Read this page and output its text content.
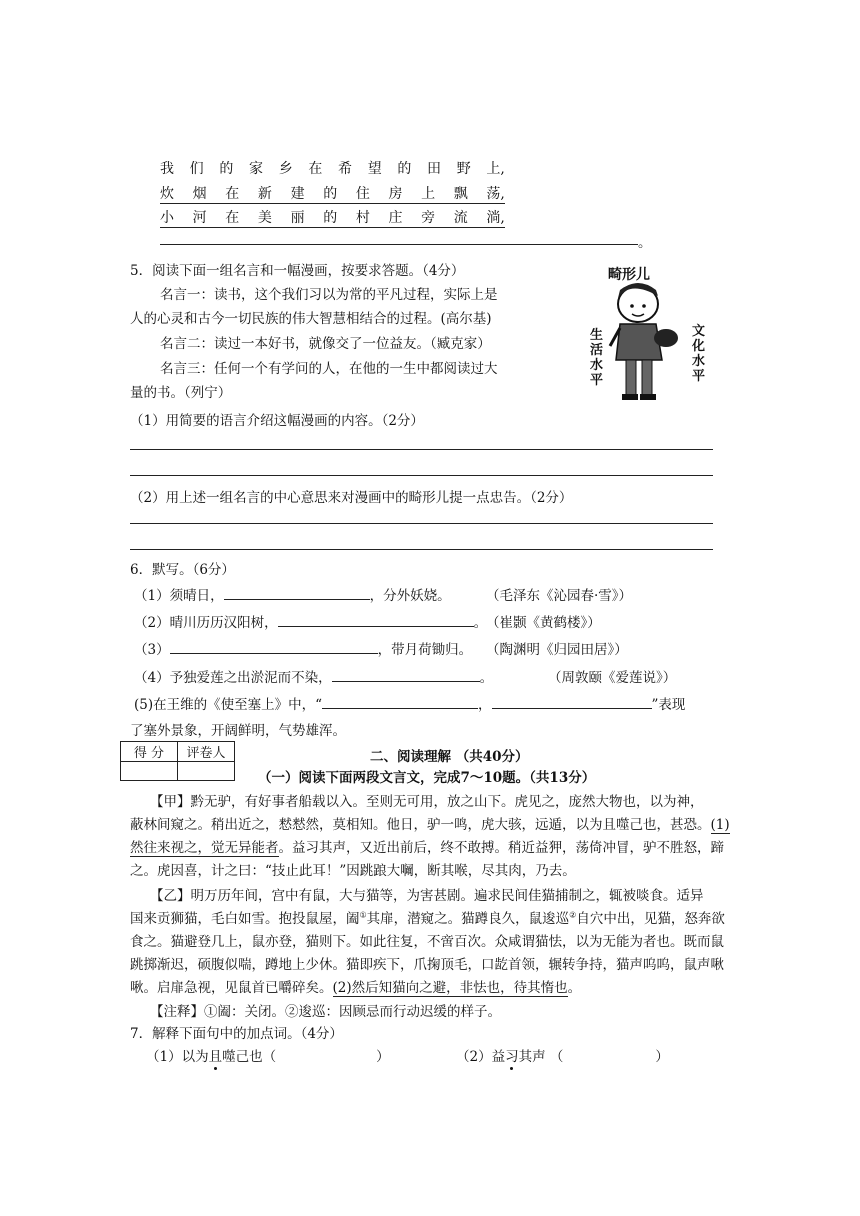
我 们 的 家 乡 在 希 望 的 田 野 上,
炊 烟 在 新 建 的 住 房 上 飘 荡,
小 河 在 美 丽 的 村 庄 旁 流 淌,
。
5．阅读下面一组名言和一幅漫画，按要求答题。（4分）
名言一：读书，这个我们习以为常的平凡过程，实际上是
人的心灵和古今一切民族的伟大智慧相结合的过程。(高尔基)
名言二：读过一本好书，就像交了一位益友。（臧克家）
名言三：任何一个有学问的人，在他的一生中都阅读过大
量的书。（列宁）
畸形儿
生活水平
文化水平
（1）用简要的语言介绍这幅漫画的内容。（2分）
（2）用上述一组名言的中心意思来对漫画中的畸形儿提一点忠告。（2分）
6．默写。（6分）
（1）须晴日，	，分外妖娆。	（毛泽东《沁园春·雪》）
（2）晴川历历汉阳树，	。
（崔颢《黄鹤楼》）
（3）	，带月荷锄归。 （陶渊明《归园田居》）
（4）予独爱莲之出淤泥而不染，	。	（周敦颐《爱莲说》）
(5)在王维的《使至塞上》中，“	，	”表现
了塞外景象，开阔鲜明，气势雄浑。
得 分	评卷人
		二、阅读理解 （共40分）
（一）阅读下面两段文言文，完成7～10题。（共13分）
【甲】黔无驴，有好事者船载以入。至则无可用，放之山下。虎见之，庞然大物也，以为神，
蔽林间窥之。稍出近之，慭慭然，莫相知。他日，驴一鸣，虎大骇，远遁，以为且噬己也，甚恐。(1)
然往来视之，觉无异能者。益习其声，又近出前后，终不敢搏。稍近益狎，荡倚冲冒，驴不胜怒，蹄
之。虎因喜，计之曰：“技止此耳！”因跳踉大㘎，断其喉，尽其肉，乃去。
【乙】明万历年间，宫中有鼠，大与猫等，为害甚剧。遍求民间佳猫捕制之，辄被啖食。适异
国来贡狮猫，毛白如雪。抱投鼠屋，阖①其扉，潜窥之。猫蹲良久，鼠逡巡②自穴中出，见猫，怒奔欲
食之。猫避登几上，鼠亦登，猫则下。如此往复，不啻百次。众咸谓猫怯，以为无能为者也。既而鼠
跳掷渐迟，硕腹似喘，蹲地上少休。猫即疾下，爪掬顶毛，口龁首领，辗转争持，猫声呜呜，鼠声啾
啾。启扉急视，见鼠首已嚼碎矣。(2)然后知猫向之避，非怯也，待其惰也。
【注释】①阖：关闭。②逡巡：因顾忌而行动迟缓的样子。
7．解释下面句中的加点词。（4分）
（1）以为且噬己也（	）	（2）益习其声 （	）
